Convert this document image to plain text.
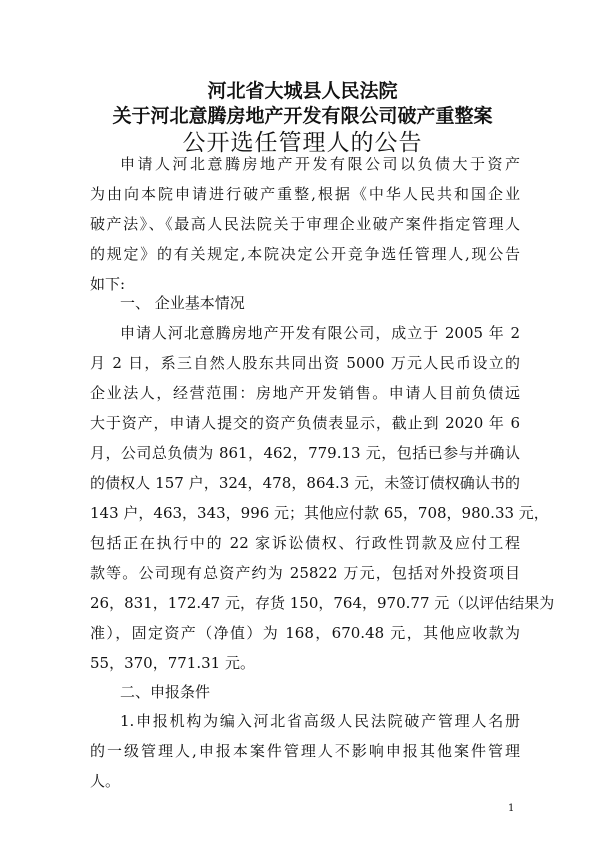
河北省大城县人民法院
关于河北意腾房地产开发有限公司破产重整案
公开选任管理人的公告
申请人河北意腾房地产开发有限公司以负债大于资产
为由向本院申请进行破产重整,根据《中华人民共和国企业
破产法》、《最高人民法院关于审理企业破产案件指定管理人
的规定》的有关规定,本院决定公开竞争选任管理人,现公告
如下:
一、 企业基本情况
申请人河北意腾房地产开发有限公司，成立于 2005 年 2
月 2 日，系三自然人股东共同出资 5000 万元人民币设立的
企业法人，经营范围：房地产开发销售。申请人目前负债远
大于资产，申请人提交的资产负债表显示，截止到 2020 年 6
月，公司总负债为 861，462，779.13 元，包括已参与并确认
的债权人 157 户，324，478，864.3 元，未签订债权确认书的
143 户，463，343，996 元；其他应付款 65，708，980.33 元，
包括正在执行中的 22 家诉讼债权、行政性罚款及应付工程
款等。公司现有总资产约为 25822 万元，包括对外投资项目
26，831，172.47 元，存货 150，764，970.77 元（以评估结果为
准），固定资产（净值）为 168，670.48 元，其他应收款为
55，370，771.31 元。
二、申报条件
1.申报机构为编入河北省高级人民法院破产管理人名册
的一级管理人,申报本案件管理人不影响申报其他案件管理
人。
1
